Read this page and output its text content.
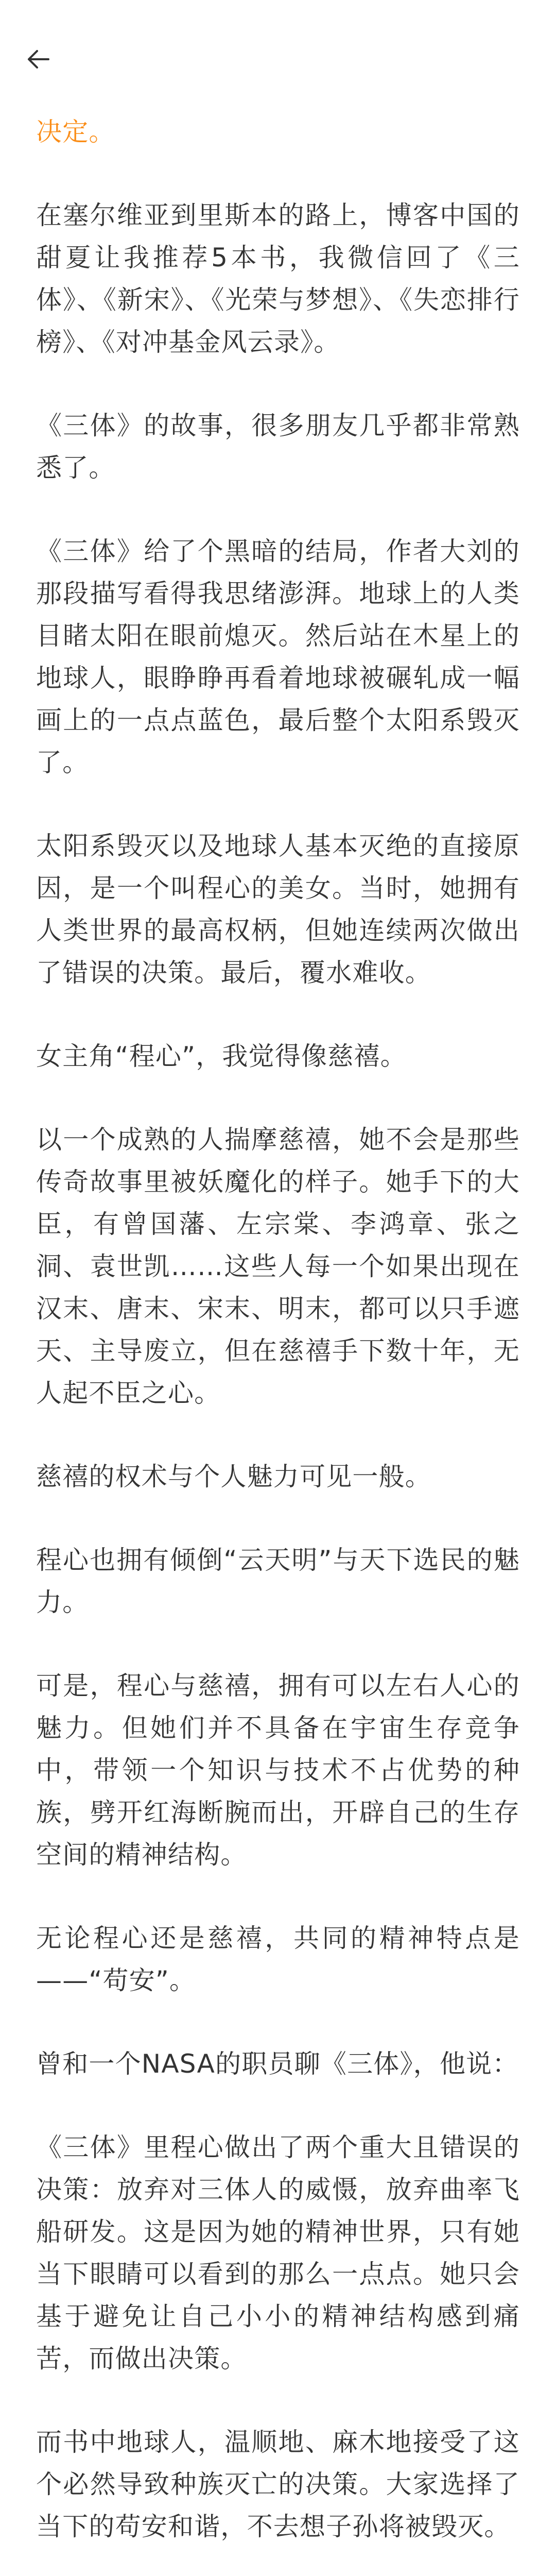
决定。

在塞尔维亚到里斯本的路上，博客中国的甜夏让我推荐5本书，我微信回了《三体》、《新宋》、《光荣与梦想》、《失恋排行榜》、《对冲基金风云录》。

《三体》的故事，很多朋友几乎都非常熟悉了。

《三体》给了个黑暗的结局，作者大刘的那段描写看得我思绪澎湃。地球上的人类目睹太阳在眼前熄灭。然后站在木星上的地球人，眼睁睁再看着地球被碾轧成一幅画上的一点点蓝色，最后整个太阳系毁灭了。

太阳系毁灭以及地球人基本灭绝的直接原因，是一个叫程心的美女。当时，她拥有人类世界的最高权柄，但她连续两次做出了错误的决策。最后，覆水难收。

女主角“程心”，我觉得像慈禧。

以一个成熟的人揣摩慈禧，她不会是那些传奇故事里被妖魔化的样子。她手下的大臣，有曾国藩、左宗棠、李鸿章、张之洞、袁世凯……这些人每一个如果出现在汉末、唐末、宋末、明末，都可以只手遮天、主导废立，但在慈禧手下数十年，无人起不臣之心。

慈禧的权术与个人魅力可见一般。

程心也拥有倾倒“云天明”与天下选民的魅力。

可是，程心与慈禧，拥有可以左右人心的魅力。但她们并不具备在宇宙生存竞争中，带领一个知识与技术不占优势的种族，劈开红海断腕而出，开辟自己的生存空间的精神结构。

无论程心还是慈禧，共同的精神特点是——“苟安”。

曾和一个NASA的职员聊《三体》，他说：

《三体》里程心做出了两个重大且错误的决策：放弃对三体人的威慑，放弃曲率飞船研发。这是因为她的精神世界，只有她当下眼睛可以看到的那么一点点。她只会基于避免让自己小小的精神结构感到痛苦，而做出决策。

而书中地球人，温顺地、麻木地接受了这个必然导致种族灭亡的决策。大家选择了当下的苟安和谐，不去想子孙将被毁灭。
